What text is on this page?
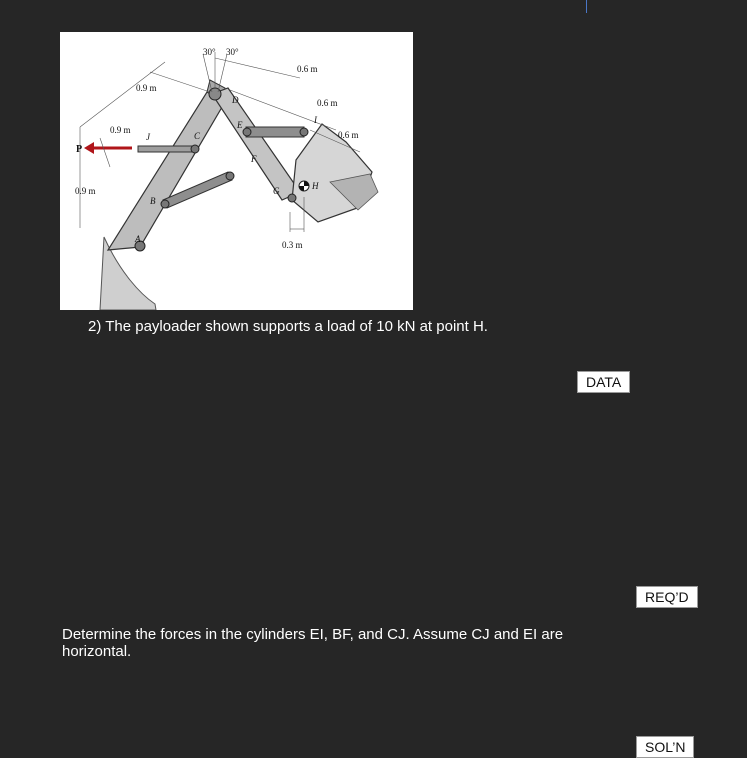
30° 30°
0.6 m
0.9 m
0.6 m
0.9 m	0.6 m
0.9 m
0.3 m
P
A
B
C
D
E
F
G	H
I
J

2) The payloader shown supports a load of 10 kN at point H.

DATA
REQ’D

Determine the forces in the cylinders EI, BF, and CJ. Assume CJ and EI are horizontal.

SOL’N
